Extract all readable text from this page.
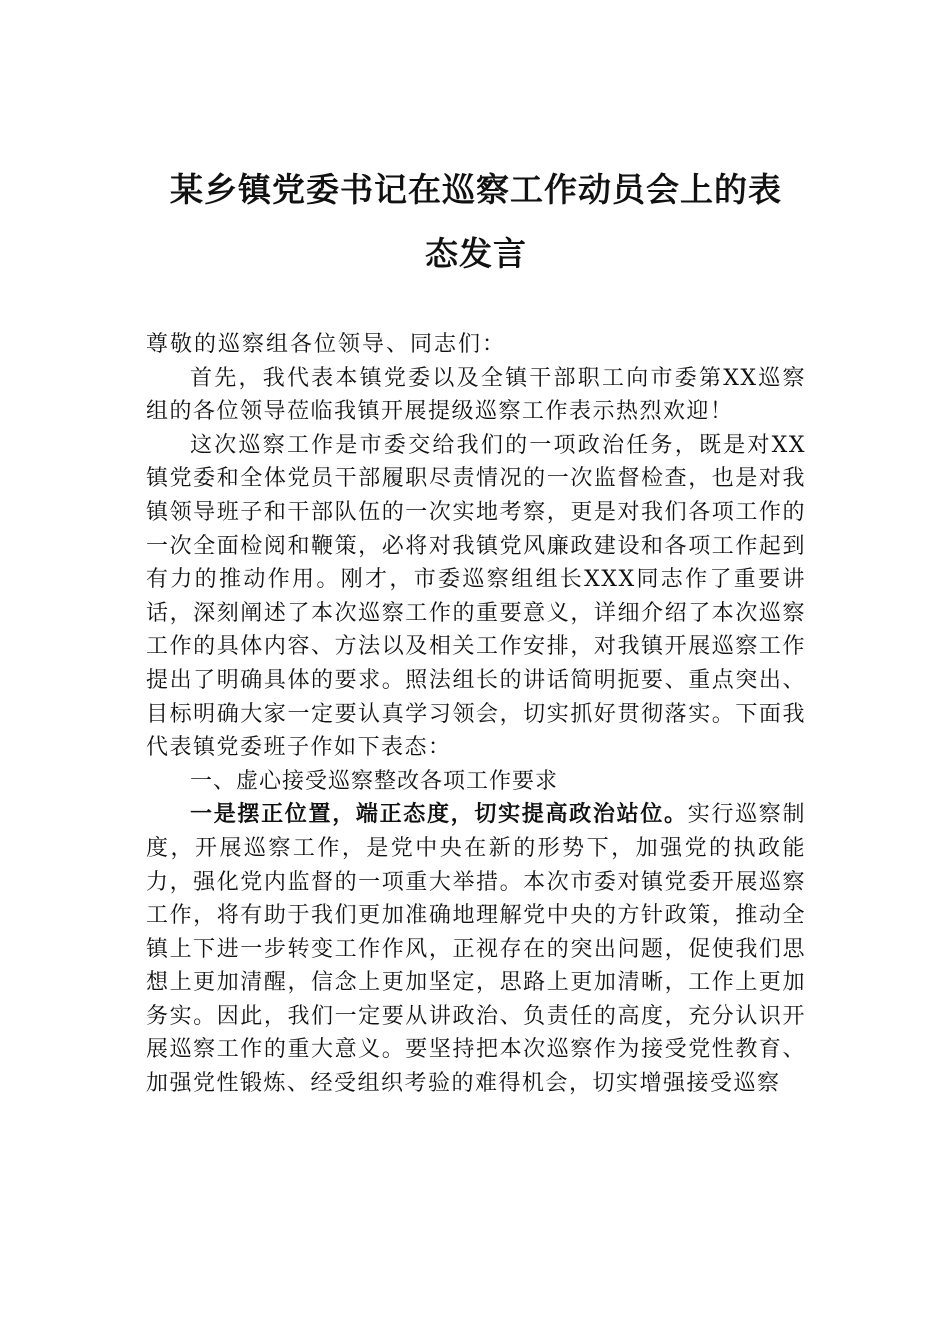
某乡镇党委书记在巡察工作动员会上的表
态发言
尊敬的巡察组各位领导、同志们：

首先，我代表本镇党委以及全镇干部职工向市委第XX巡察组的各位领导莅临我镇开展提级巡察工作表示热烈欢迎！

这次巡察工作是市委交给我们的一项政治任务，既是对XX镇党委和全体党员干部履职尽责情况的一次监督检查，也是对我镇领导班子和干部队伍的一次实地考察，更是对我们各项工作的一次全面检阅和鞭策，必将对我镇党风廉政建设和各项工作起到有力的推动作用。刚才，市委巡察组组长XXX同志作了重要讲话，深刻阐述了本次巡察工作的重要意义，详细介绍了本次巡察工作的具体内容、方法以及相关工作安排，对我镇开展巡察工作提出了明确具体的要求。照法组长的讲话简明扼要、重点突出、目标明确大家一定要认真学习领会，切实抓好贯彻落实。下面我代表镇党委班子作如下表态：

一、虚心接受巡察整改各项工作要求

一是摆正位置，端正态度，切实提高政治站位。实行巡察制度，开展巡察工作，是党中央在新的形势下，加强党的执政能力，强化党内监督的一项重大举措。本次市委对镇党委开展巡察工作，将有助于我们更加准确地理解党中央的方针政策，推动全镇上下进一步转变工作作风，正视存在的突出问题，促使我们思想上更加清醒，信念上更加坚定，思路上更加清晰，工作上更加务实。因此，我们一定要从讲政治、负责任的高度，充分认识开展巡察工作的重大意义。要坚持把本次巡察作为接受党性教育、加强党性锻炼、经受组织考验的难得机会，切实增强接受巡察
